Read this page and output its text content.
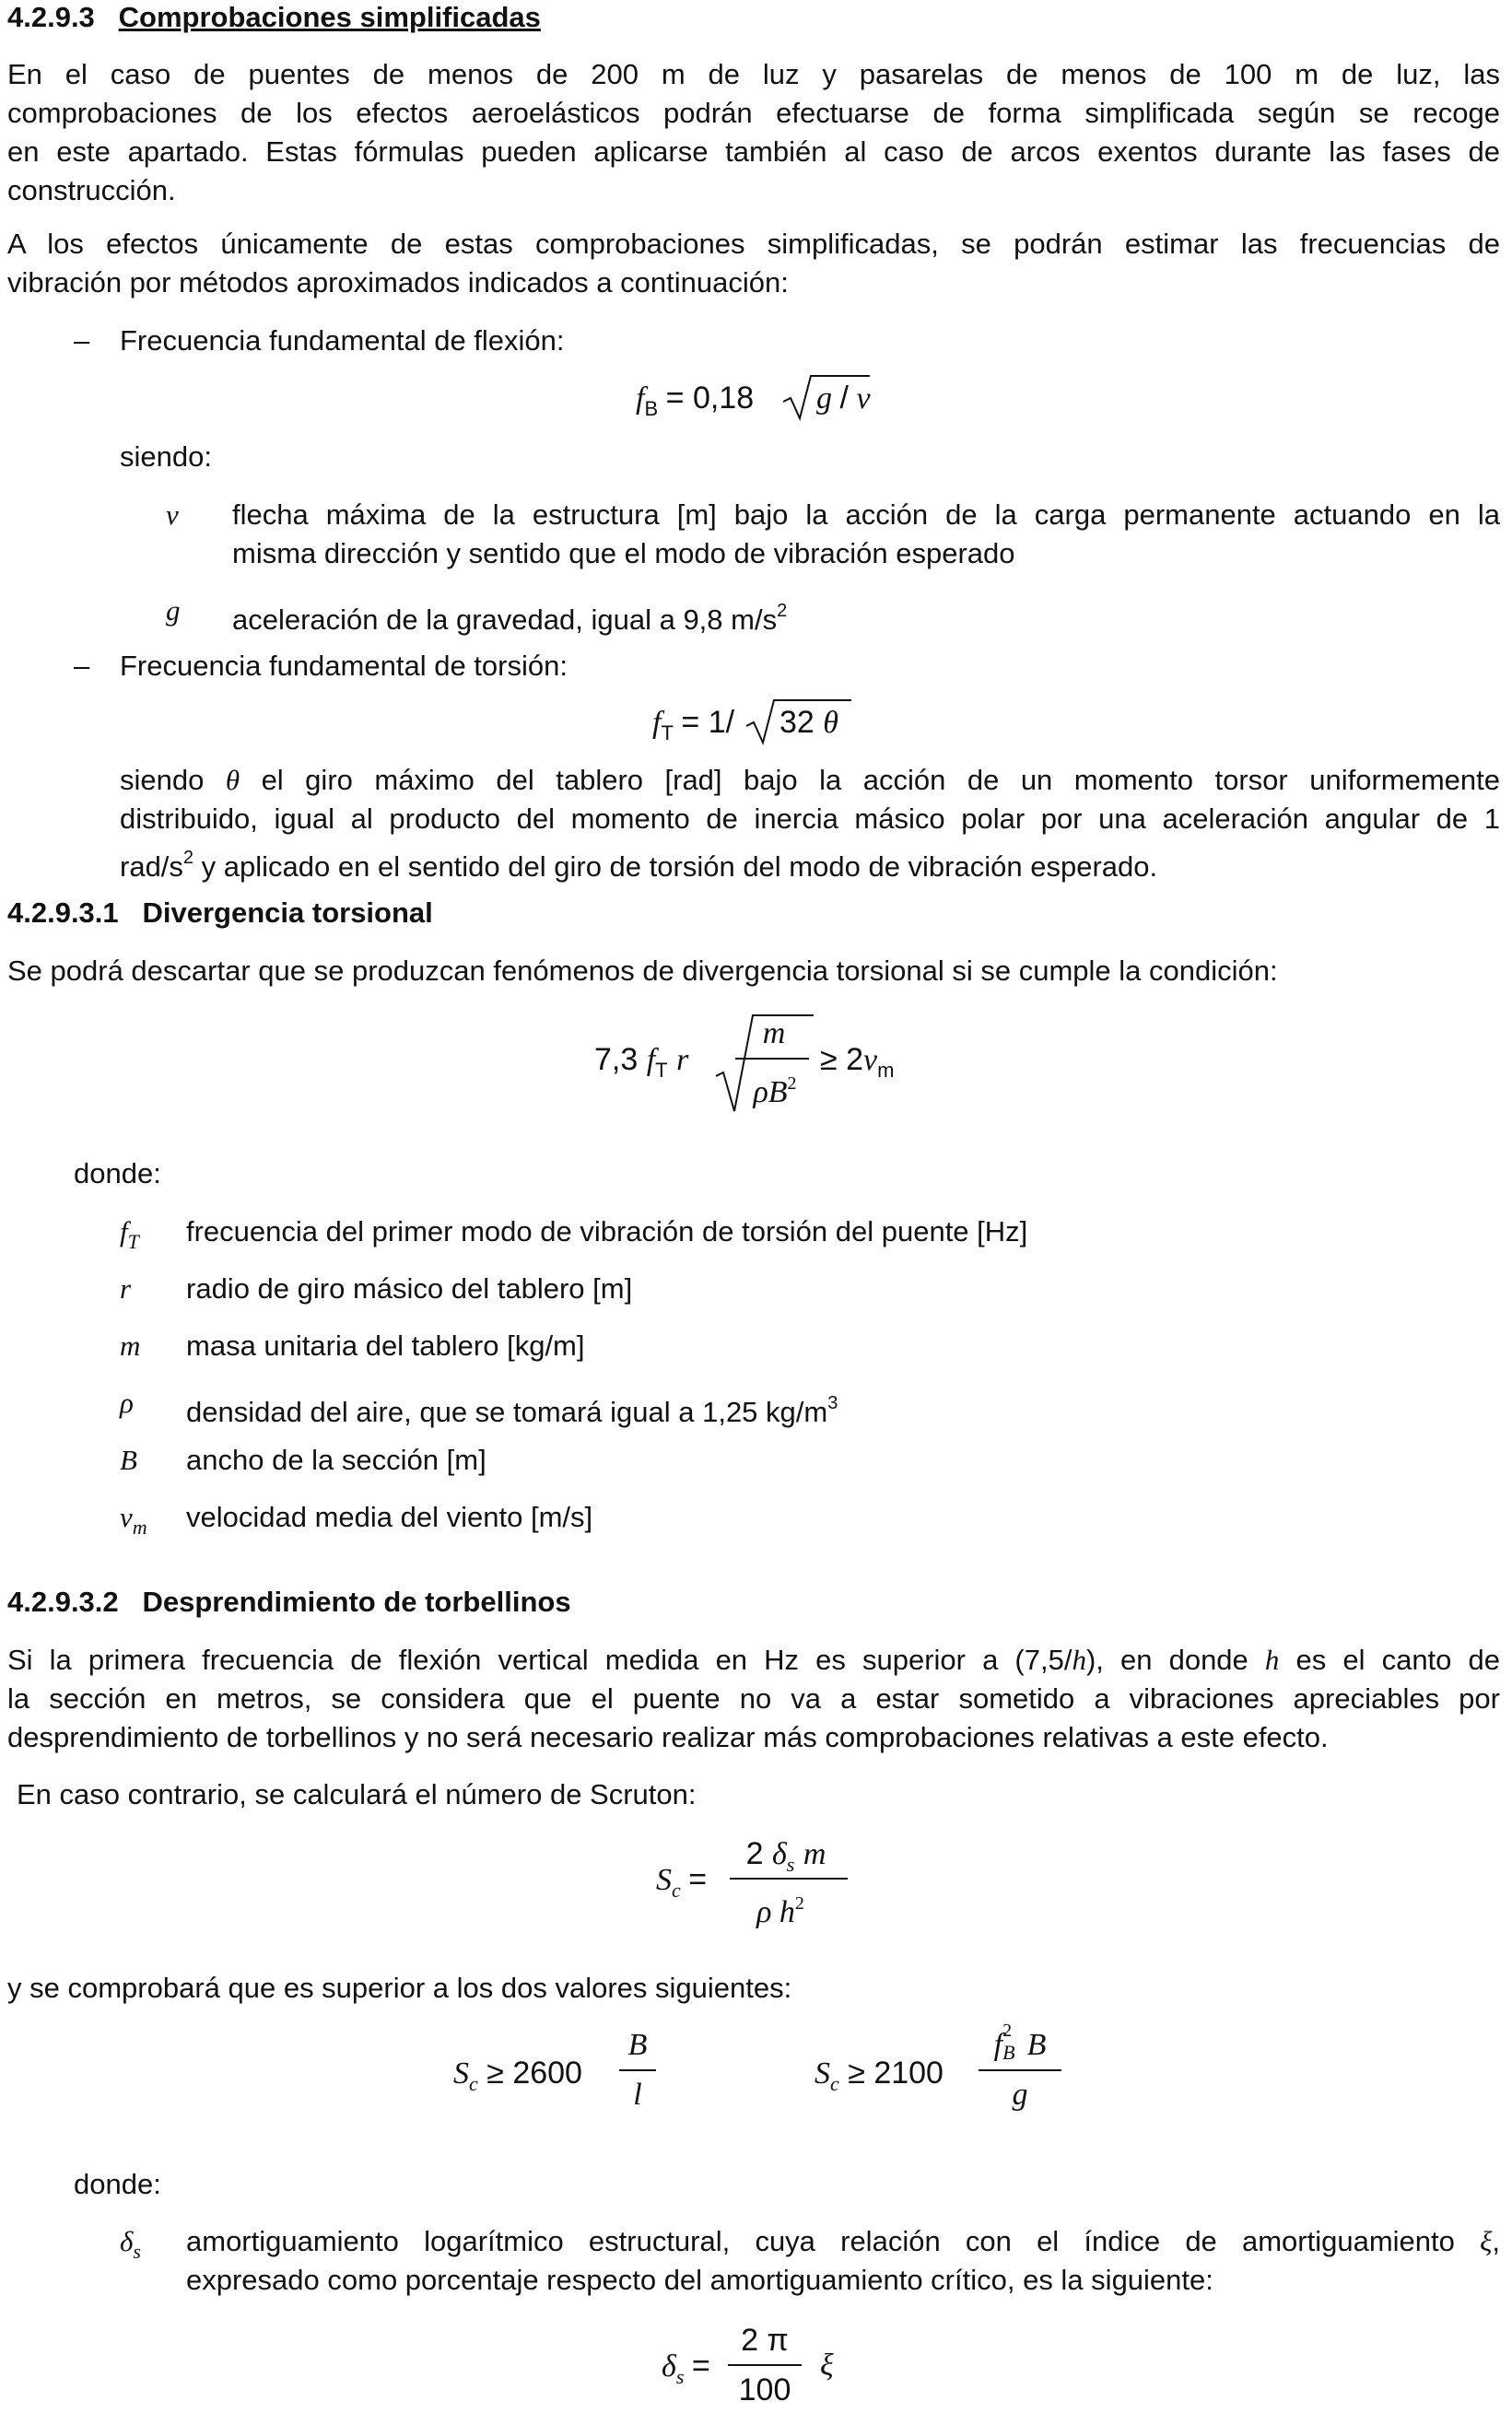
4.2.9.3 Comprobaciones simplificadas
En el caso de puentes de menos de 200 m de luz y pasarelas de menos de 100 m de luz, las
comprobaciones de los efectos aeroelásticos podrán efectuarse de forma simplificada según se recoge
en este apartado. Estas fórmulas pueden aplicarse también al caso de arcos exentos durante las fases de
construcción.
A los efectos únicamente de estas comprobaciones simplificadas, se podrán estimar las frecuencias de
vibración por métodos aproximados indicados a continuación:
– Frecuencia fundamental de flexión:
$f_B = 0,18$ g / ν
siendo:
ν flecha máxima de la estructura [m] bajo la acción de la carga permanente actuando en la
misma dirección y sentido que el modo de vibración esperado
g aceleración de la gravedad, igual a 9,8 $m/s^2$
– Frecuencia fundamental de torsión:
$f_T = 1/$ 32 θ
siendo θ el giro máximo del tablero [rad] bajo la acción de un momento torsor uniformemente
distribuido, igual al producto del momento de inercia másico polar por una aceleración angular de 1
rad/$s^2$ y aplicado en el sentido del giro de torsión del modo de vibración esperado.
4.2.9.3.1 Divergencia torsional
Se podrá descartar que se produzcan fenómenos de divergencia torsional si se cumple la condición:
7,3 $f_T$ r
m
$\rho B^2$
≥ $2v_m$
donde:
$f_T$ frecuencia del primer modo de vibración de torsión del puente [Hz]
r radio de giro másico del tablero [m]
m masa unitaria del tablero [kg/m]
ρ densidad del aire, que se tomará igual a 1,25 $kg/m^3$
B ancho de la sección [m]
$v_m$ velocidad media del viento [m/s]
4.2.9.3.2 Desprendimiento de torbellinos
Si la primera frecuencia de flexión vertical medida en Hz es superior a (7,5/h), en donde h es el canto de
la sección en metros, se considera que el puente no va a estar sometido a vibraciones apreciables por
desprendimiento de torbellinos y no será necesario realizar más comprobaciones relativas a este efecto.
En caso contrario, se calculará el número de Scruton:
$S_c$ =
2 $\delta_s$ m
ρ $h^2$
y se comprobará que es superior a los dos valores siguientes:
$S_c \ge 2600$
B
l
$S_c \ge 2100$
f 2
B B
g
donde:
$\delta_s$ amortiguamiento logarítmico estructural, cuya relación con el índice de amortiguamiento ξ,
expresado como porcentaje respecto del amortiguamiento crítico, es la siguiente:
$\delta_s$ =
2 π
100
ξ
